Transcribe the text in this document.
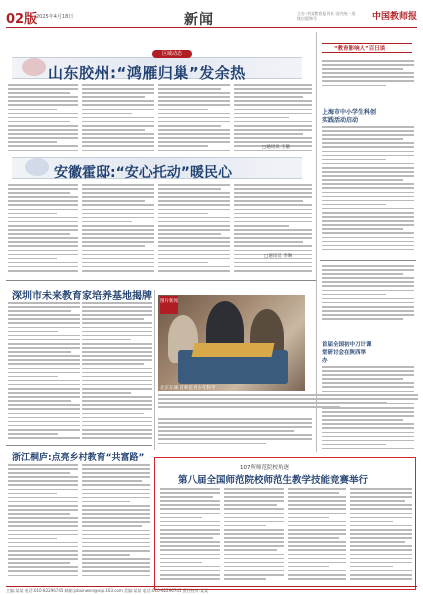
02版
2025年4月18日	新闻	主办 中国教育报刊社 国内统一连续出版物号	中国教师报
区域动态
山东胶州:“鸿雁归巢”发余热
□通讯员 王敏
安徽霍邸:“安心托动”暖民心
□通讯员 李琳
“教育影响人”百日谈
上海市中小学生科创
实践活动启动
首届全国初中刀计课
堂研讨会在陕西举
办
深圳市未来教育家培养基地揭牌 图片新闻
北京东城·首师范青少年科学
浙江桐庐:点亮乡村教育“共富路”
107所师范院校角逐
第八届全国师范院校师范生教学技能竞赛举行
主编:某某 电话:010-82296745 邮箱:jsbxinwen@vip.163.com 美编:某某 电话:010-82296745 责任校对:某某
